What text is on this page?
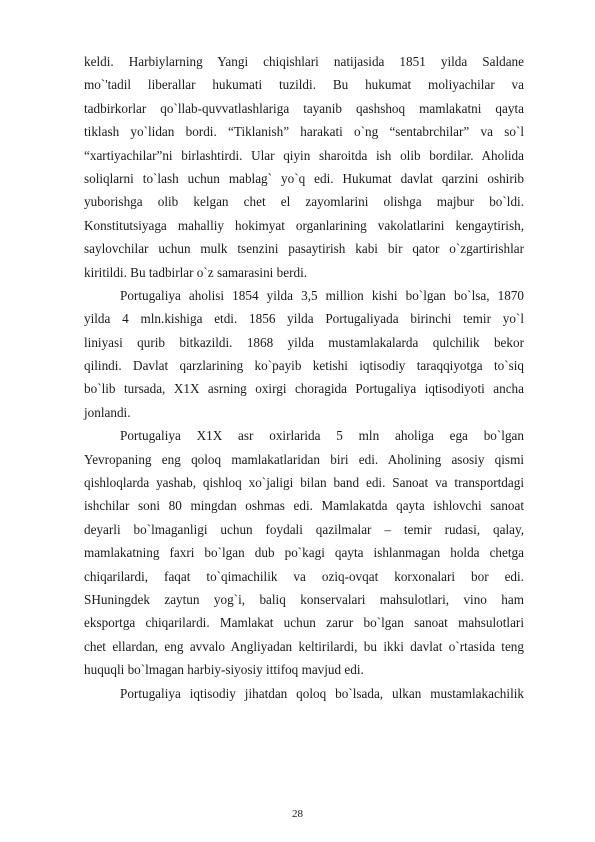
keldi. Harbiylarning Yangi chiqishlari natijasida 1851 yilda Saldane
mo`'tadil liberallar hukumati tuzildi. Bu hukumat moliyachilar va
tadbirkorlar qo`llab-quvvatlashlariga tayanib qashshoq mamlakatni qayta
tiklash yo`lidan bordi. “Tiklanish” harakati o`ng “sentabrchilar” va so`l
“xartiyachilar”ni birlashtirdi. Ular qiyin sharoitda ish olib bordilar. Aholida
soliqlarni to`lash uchun mablag` yo`q edi. Hukumat davlat qarzini oshirib
yuborishga olib kelgan chet el zayomlarini olishga majbur bo`ldi.
Konstitutsiyaga mahalliy hokimyat organlarining vakolatlarini kengaytirish,
saylovchilar uchun mulk tsenzini pasaytirish kabi bir qator o`zgartirishlar
kiritildi. Bu tadbirlar o`z samarasini berdi.
Portugaliya aholisi 1854 yilda 3,5 million kishi bo`lgan bo`lsa, 1870
yilda 4 mln.kishiga etdi. 1856 yilda Portugaliyada birinchi temir yo`l
liniyasi qurib bitkazildi. 1868 yilda mustamlakalarda qulchilik bekor
qilindi. Davlat qarzlarining ko`payib ketishi iqtisodiy taraqqiyotga to`siq
bo`lib tursada, X1X asrning oxirgi choragida Portugaliya iqtisodiyoti ancha
jonlandi.
Portugaliya X1X asr oxirlarida 5 mln aholiga ega bo`lgan
Yevropaning eng qoloq mamlakatlaridan biri edi. Aholining asosiy qismi
qishloqlarda yashab, qishloq xo`jaligi bilan band edi. Sanoat va transportdagi
ishchilar soni 80 mingdan oshmas edi. Mamlakatda qayta ishlovchi sanoat
deyarli bo`lmaganligi uchun foydali qazilmalar – temir rudasi, qalay,
mamlakatning faxri bo`lgan dub po`kagi qayta ishlanmagan holda chetga
chiqarilardi, faqat to`qimachilik va oziq-ovqat korxonalari bor edi.
SHuningdek zaytun yog`i, baliq konservalari mahsulotlari, vino ham
eksportga chiqarilardi. Mamlakat uchun zarur bo`lgan sanoat mahsulotlari
chet ellardan, eng avvalo Angliyadan keltirilardi, bu ikki davlat o`rtasida teng
huquqli bo`lmagan harbiy-siyosiy ittifoq mavjud edi.
Portugaliya iqtisodiy jihatdan qoloq bo`lsada, ulkan mustamlakachilik
28
